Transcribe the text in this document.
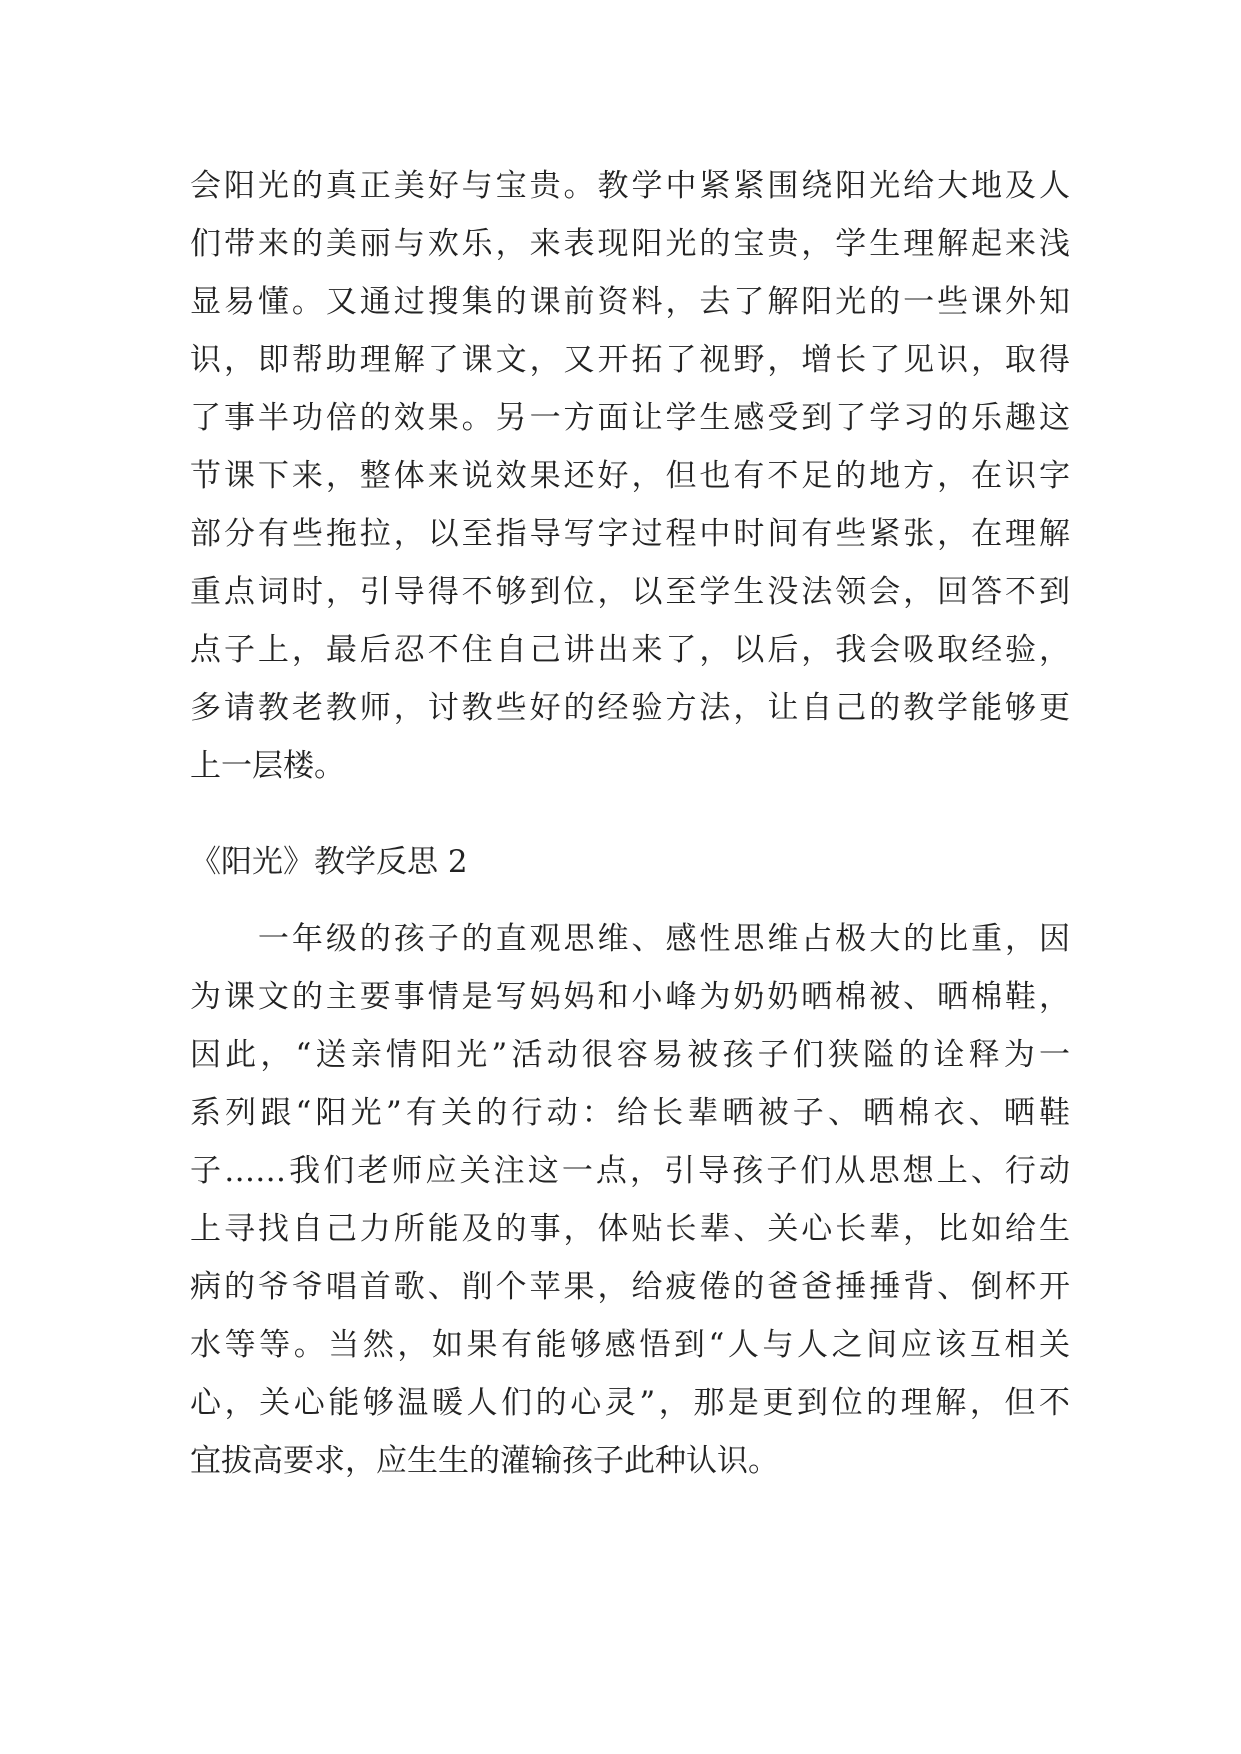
会阳光的真正美好与宝贵。教学中紧紧围绕阳光给大地及人
们带来的美丽与欢乐，来表现阳光的宝贵，学生理解起来浅
显易懂。又通过搜集的课前资料，去了解阳光的一些课外知
识，即帮助理解了课文，又开拓了视野，增长了见识，取得
了事半功倍的效果。另一方面让学生感受到了学习的乐趣这
节课下来，整体来说效果还好，但也有不足的地方，在识字
部分有些拖拉，以至指导写字过程中时间有些紧张，在理解
重点词时，引导得不够到位，以至学生没法领会，回答不到
点子上，最后忍不住自己讲出来了，以后，我会吸取经验，
多请教老教师，讨教些好的经验方法，让自己的教学能够更
上一层楼。
《阳光》教学反思 2
　　一年级的孩子的直观思维、感性思维占极大的比重，因
为课文的主要事情是写妈妈和小峰为奶奶晒棉被、晒棉鞋，
因此，“送亲情阳光”活动很容易被孩子们狭隘的诠释为一
系列跟“阳光”有关的行动：给长辈晒被子、晒棉衣、晒鞋
子……我们老师应关注这一点，引导孩子们从思想上、行动
上寻找自己力所能及的事，体贴长辈、关心长辈，比如给生
病的爷爷唱首歌、削个苹果，给疲倦的爸爸捶捶背、倒杯开
水等等。当然，如果有能够感悟到“人与人之间应该互相关
心，关心能够温暖人们的心灵”，那是更到位的理解，但不
宜拔高要求，应生生的灌输孩子此种认识。
